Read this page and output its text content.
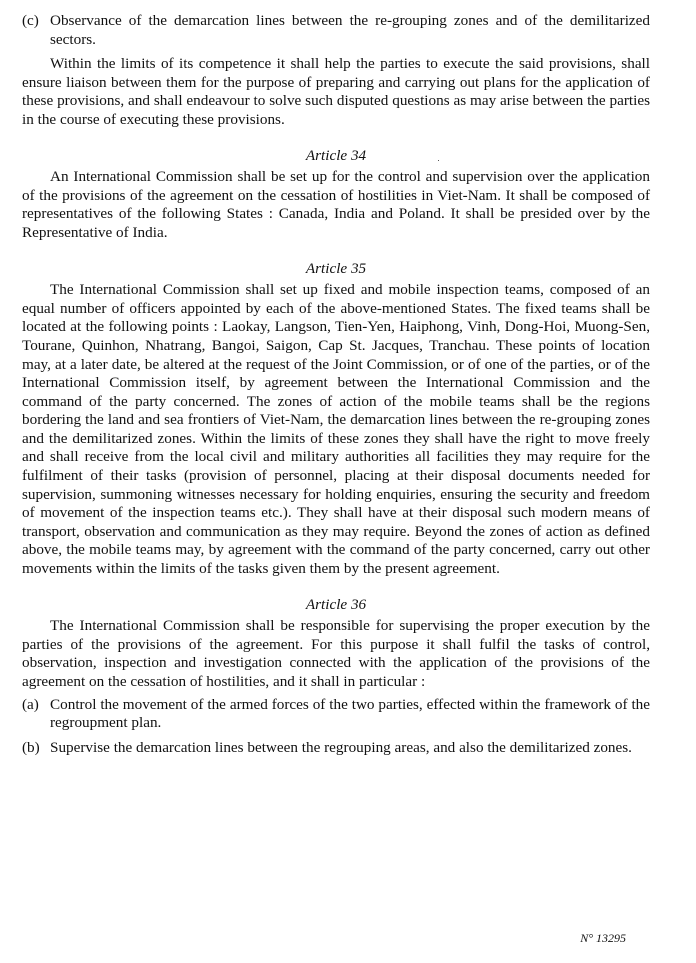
(c) Observance of the demarcation lines between the re-grouping zones and of the demilitarized sectors.

Within the limits of its competence it shall help the parties to execute the said provisions, shall ensure liaison between them for the purpose of preparing and carrying out plans for the application of these provisions, and shall endeavour to solve such disputed questions as may arise between the parties in the course of executing these provisions.

Article 34

An International Commission shall be set up for the control and supervision over the application of the provisions of the agreement on the cessation of hostilities in Viet-Nam. It shall be composed of representatives of the following States : Canada, India and Poland. It shall be presided over by the Representative of India.

Article 35

The International Commission shall set up fixed and mobile inspection teams, composed of an equal number of officers appointed by each of the above-mentioned States. The fixed teams shall be located at the following points : Laokay, Langson, Tien-Yen, Haiphong, Vinh, Dong-Hoi, Muong-Sen, Tourane, Quinhon, Nhatrang, Bangoi, Saigon, Cap St. Jacques, Tranchau. These points of location may, at a later date, be altered at the request of the Joint Commission, or of one of the parties, or of the International Commission itself, by agreement between the International Commission and the command of the party concerned. The zones of action of the mobile teams shall be the regions bordering the land and sea frontiers of Viet-Nam, the demarcation lines between the re-grouping zones and the demilitarized zones. Within the limits of these zones they shall have the right to move freely and shall receive from the local civil and military authorities all facilities they may require for the fulfilment of their tasks (provision of personnel, placing at their disposal documents needed for supervision, summoning witnesses necessary for holding enquiries, ensuring the security and freedom of movement of the inspection teams etc.). They shall have at their disposal such modern means of transport, observation and communication as they may require. Beyond the zones of action as defined above, the mobile teams may, by agreement with the command of the party concerned, carry out other movements within the limits of the tasks given them by the present agreement.

Article 36

The International Commission shall be responsible for supervising the proper execution by the parties of the provisions of the agreement. For this purpose it shall fulfil the tasks of control, observation, inspection and investigation connected with the application of the provisions of the agreement on the cessation of hostilities, and it shall in particular :

(a) Control the movement of the armed forces of the two parties, effected within the framework of the regroupment plan.

(b) Supervise the demarcation lines between the regrouping areas, and also the demilitarized zones.

N° 13295
